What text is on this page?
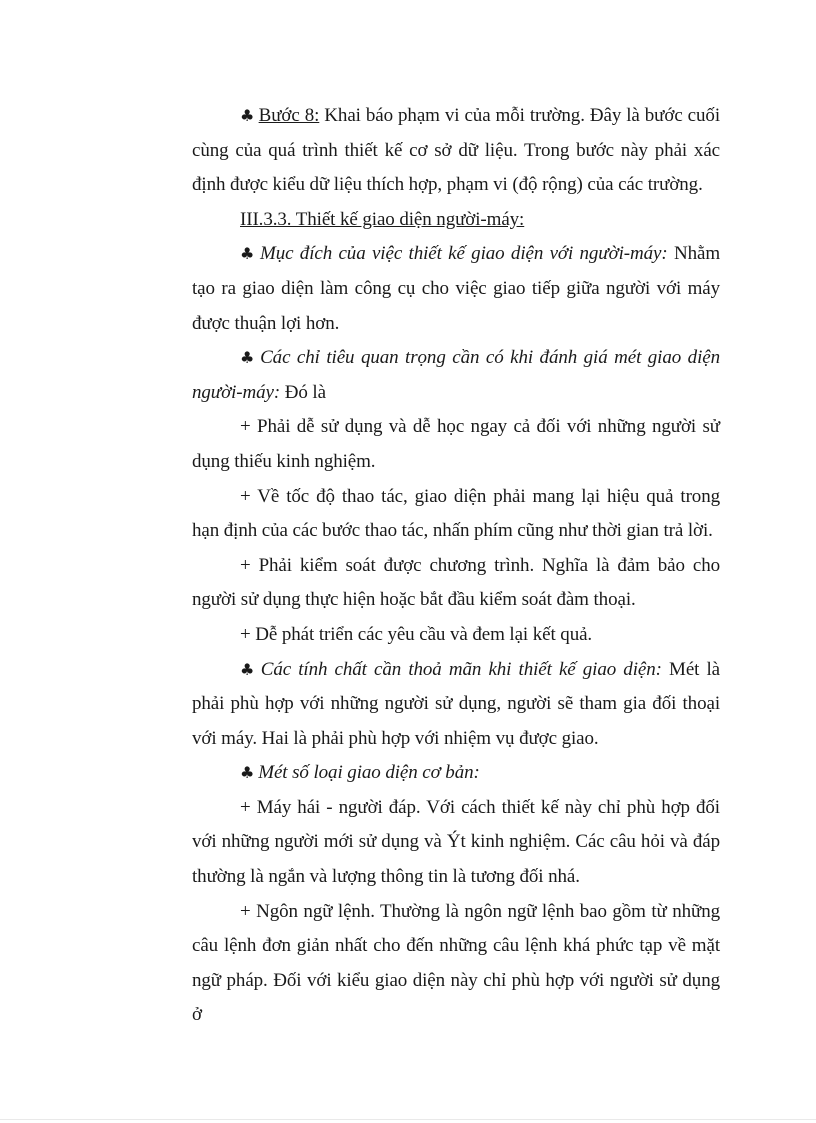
♣ Bước 8: Khai báo phạm vi của mỗi trường. Đây là bước cuối cùng của quá trình thiết kế cơ sở dữ liệu. Trong bước này phải xác định được kiểu dữ liệu thích hợp, phạm vi (độ rộng) của các trường.

III.3.3. Thiết kế giao diện người-máy:

♣ Mục đích của việc thiết kế giao diện với người-máy: Nhằm tạo ra giao diện làm công cụ cho việc giao tiếp giữa người với máy được thuận lợi hơn.

♣ Các chỉ tiêu quan trọng cần có khi đánh giá mét giao diện người-máy: Đó là

+ Phải dễ sử dụng và dễ học ngay cả đối với những người sử dụng thiếu kinh nghiệm.

+ Về tốc độ thao tác, giao diện phải mang lại hiệu quả trong hạn định của các bước thao tác, nhấn phím cũng như thời gian trả lời.

+ Phải kiểm soát được chương trình. Nghĩa là đảm bảo cho người sử dụng thực hiện hoặc bắt đầu kiểm soát đàm thoại.

+ Dễ phát triển các yêu cầu và đem lại kết quả.

♣ Các tính chất cần thoả mãn khi thiết kế giao diện: Mét là phải phù hợp với những người sử dụng, người sẽ tham gia đối thoại với máy. Hai là phải phù hợp với nhiệm vụ được giao.

♣ Mét số loại giao diện cơ bản:

+ Máy hái - người đáp. Với cách thiết kế này chỉ phù hợp đối với những người mới sử dụng và Ýt kinh nghiệm. Các câu hỏi và đáp thường là ngắn và lượng thông tin là tương đối nhá.

+ Ngôn ngữ lệnh. Thường là ngôn ngữ lệnh bao gồm từ những câu lệnh đơn giản nhất cho đến những câu lệnh khá phức tạp về mặt ngữ pháp. Đối với kiểu giao diện này chỉ phù hợp với người sử dụng ở
